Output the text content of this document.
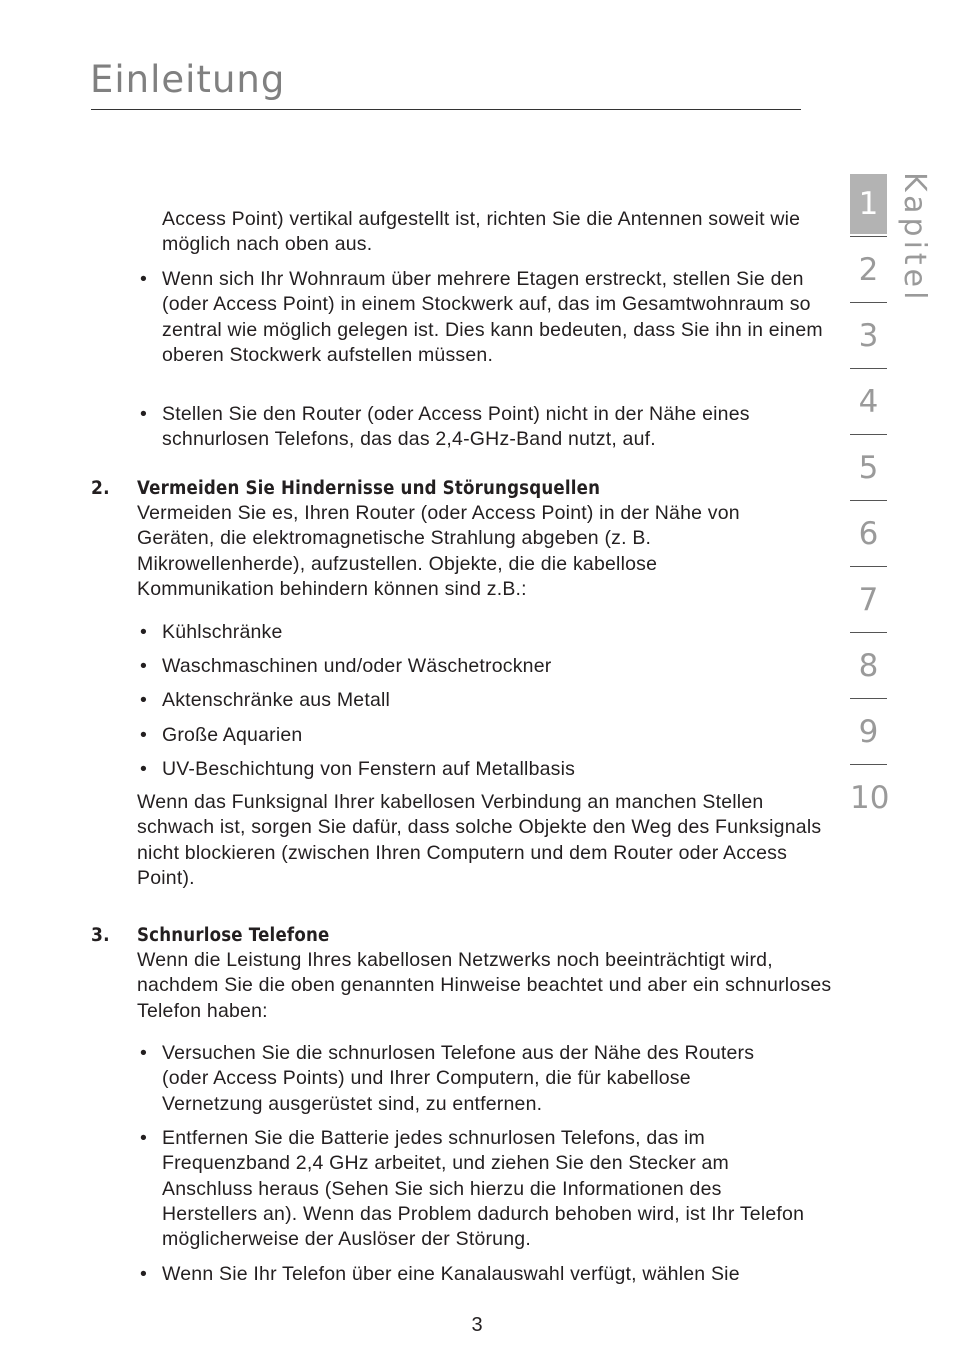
Einleitung

Access Point) vertikal aufgestellt ist, richten Sie die Antennen soweit wie möglich nach oben aus.

• Wenn sich Ihr Wohnraum über mehrere Etagen erstreckt, stellen Sie den (oder Access Point) in einem Stockwerk auf, das im Gesamtwohnraum so zentral wie möglich gelegen ist. Dies kann bedeuten, dass Sie ihn in einem oberen Stockwerk aufstellen müssen.

• Stellen Sie den Router (oder Access Point) nicht in der Nähe eines schnurlosen Telefons, das das 2,4-GHz-Band nutzt, auf.

2. Vermeiden Sie Hindernisse und Störungsquellen

Vermeiden Sie es, Ihren Router (oder Access Point) in der Nähe von Geräten, die elektromagnetische Strahlung abgeben (z. B. Mikrowellenherde), aufzustellen. Objekte, die die kabellose Kommunikation behindern können sind z.B.:

• Kühlschränke

• Waschmaschinen und/oder Wäschetrockner

• Aktenschränke aus Metall

• Große Aquarien

• UV-Beschichtung von Fenstern auf Metallbasis

Wenn das Funksignal Ihrer kabellosen Verbindung an manchen Stellen schwach ist, sorgen Sie dafür, dass solche Objekte den Weg des Funksignals nicht blockieren (zwischen Ihren Computern und dem Router oder Access Point).

3. Schnurlose Telefone

Wenn die Leistung Ihres kabellosen Netzwerks noch beeinträchtigt wird, nachdem Sie die oben genannten Hinweise beachtet und aber ein schnurloses Telefon haben:

• Versuchen Sie die schnurlosen Telefone aus der Nähe des Routers (oder Access Points) und Ihrer Computern, die für kabellose Vernetzung ausgerüstet sind, zu entfernen.

• Entfernen Sie die Batterie jedes schnurlosen Telefons, das im Frequenzband 2,4 GHz arbeitet, und ziehen Sie den Stecker am Anschluss heraus (Sehen Sie sich hierzu die Informationen des Herstellers an). Wenn das Problem dadurch behoben wird, ist Ihr Telefon möglicherweise der Auslöser der Störung.

• Wenn Sie Ihr Telefon über eine Kanalauswahl verfügt, wählen Sie

1
2
3
4
5
6
7
8
9
10
Kapitel
3
